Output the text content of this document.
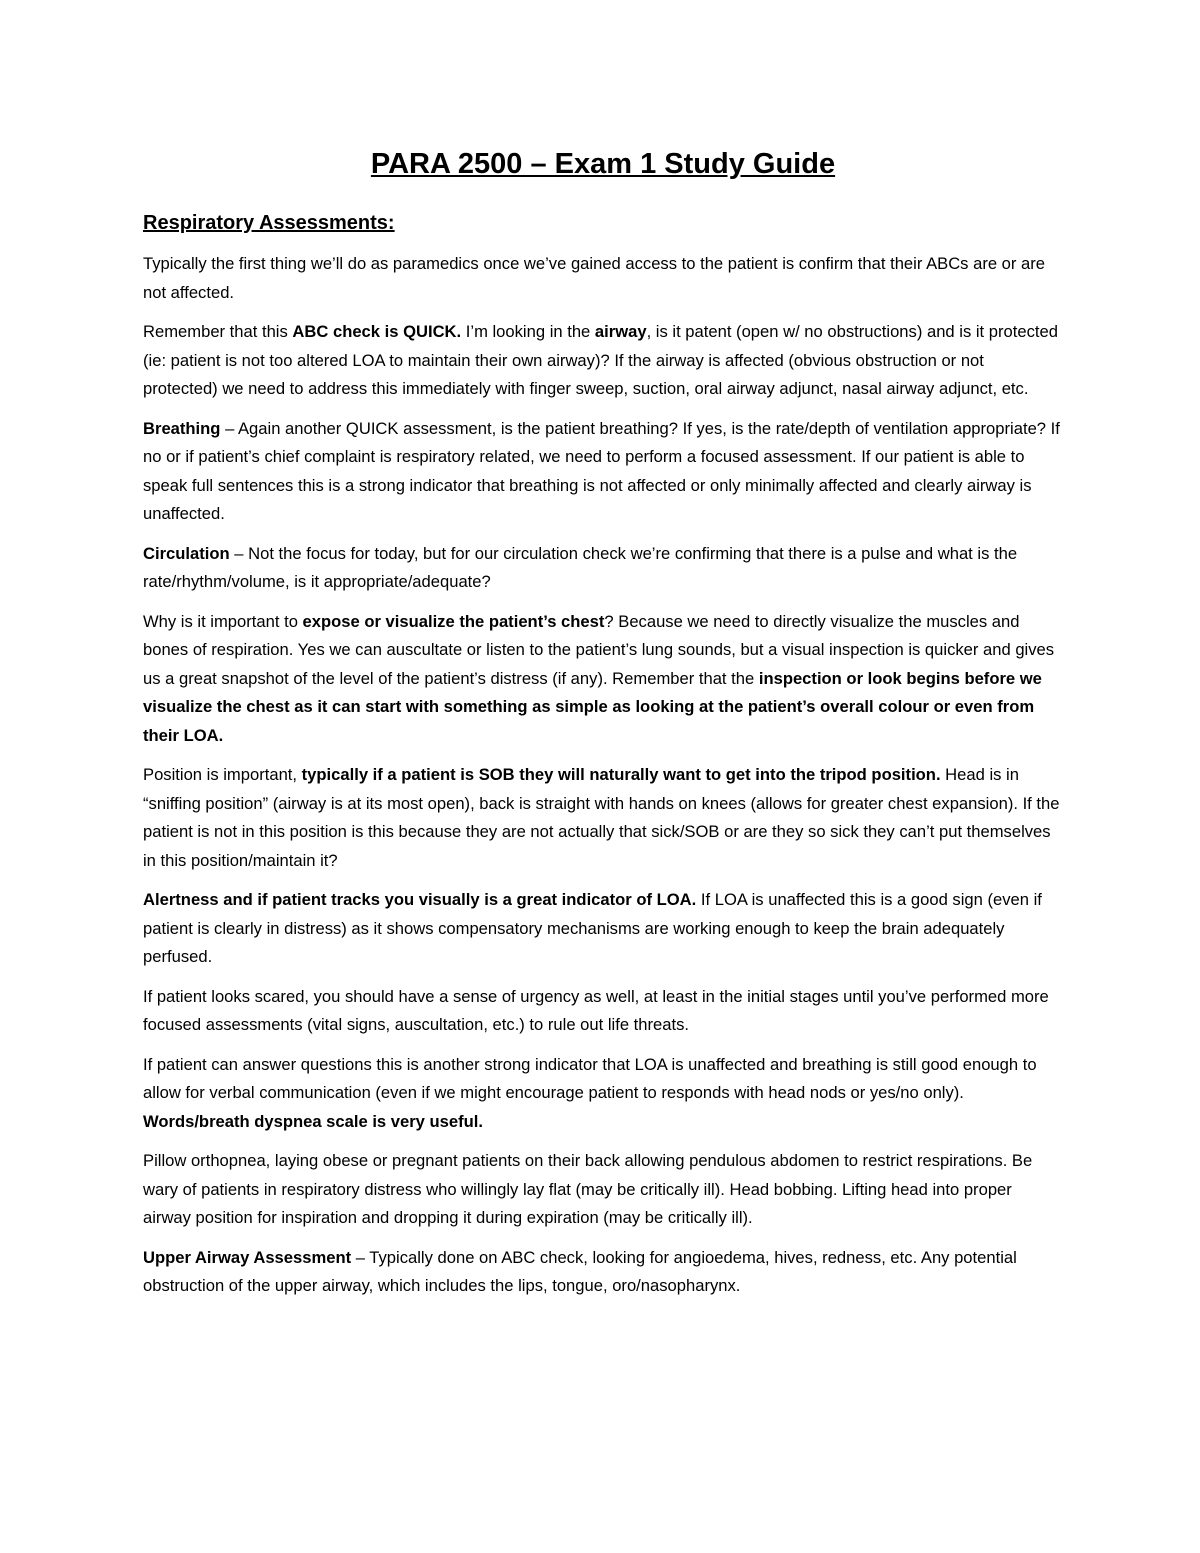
PARA 2500 – Exam 1 Study Guide
Respiratory Assessments:

Typically the first thing we’ll do as paramedics once we’ve gained access to the patient is confirm that their ABCs are or are not affected.

Remember that this ABC check is QUICK. I’m looking in the airway, is it patent (open w/ no obstructions) and is it protected (ie: patient is not too altered LOA to maintain their own airway)? If the airway is affected (obvious obstruction or not protected) we need to address this immediately with finger sweep, suction, oral airway adjunct, nasal airway adjunct, etc.

Breathing – Again another QUICK assessment, is the patient breathing? If yes, is the rate/depth of ventilation appropriate? If no or if patient’s chief complaint is respiratory related, we need to perform a focused assessment. If our patient is able to speak full sentences this is a strong indicator that breathing is not affected or only minimally affected and clearly airway is unaffected.

Circulation – Not the focus for today, but for our circulation check we’re confirming that there is a pulse and what is the rate/rhythm/volume, is it appropriate/adequate?

Why is it important to expose or visualize the patient’s chest? Because we need to directly visualize the muscles and bones of respiration. Yes we can auscultate or listen to the patient’s lung sounds, but a visual inspection is quicker and gives us a great snapshot of the level of the patient’s distress (if any). Remember that the inspection or look begins before we visualize the chest as it can start with something as simple as looking at the patient’s overall colour or even from their LOA.

Position is important, typically if a patient is SOB they will naturally want to get into the tripod position. Head is in “sniffing position” (airway is at its most open), back is straight with hands on knees (allows for greater chest expansion). If the patient is not in this position is this because they are not actually that sick/SOB or are they so sick they can’t put themselves in this position/maintain it?

Alertness and if patient tracks you visually is a great indicator of LOA. If LOA is unaffected this is a good sign (even if patient is clearly in distress) as it shows compensatory mechanisms are working enough to keep the brain adequately perfused.

If patient looks scared, you should have a sense of urgency as well, at least in the initial stages until you’ve performed more focused assessments (vital signs, auscultation, etc.) to rule out life threats.

If patient can answer questions this is another strong indicator that LOA is unaffected and breathing is still good enough to allow for verbal communication (even if we might encourage patient to responds with head nods or yes/no only). Words/breath dyspnea scale is very useful.

Pillow orthopnea, laying obese or pregnant patients on their back allowing pendulous abdomen to restrict respirations. Be wary of patients in respiratory distress who willingly lay flat (may be critically ill). Head bobbing. Lifting head into proper airway position for inspiration and dropping it during expiration (may be critically ill).

Upper Airway Assessment – Typically done on ABC check, looking for angioedema, hives, redness, etc. Any potential obstruction of the upper airway, which includes the lips, tongue, oro/nasopharynx.
